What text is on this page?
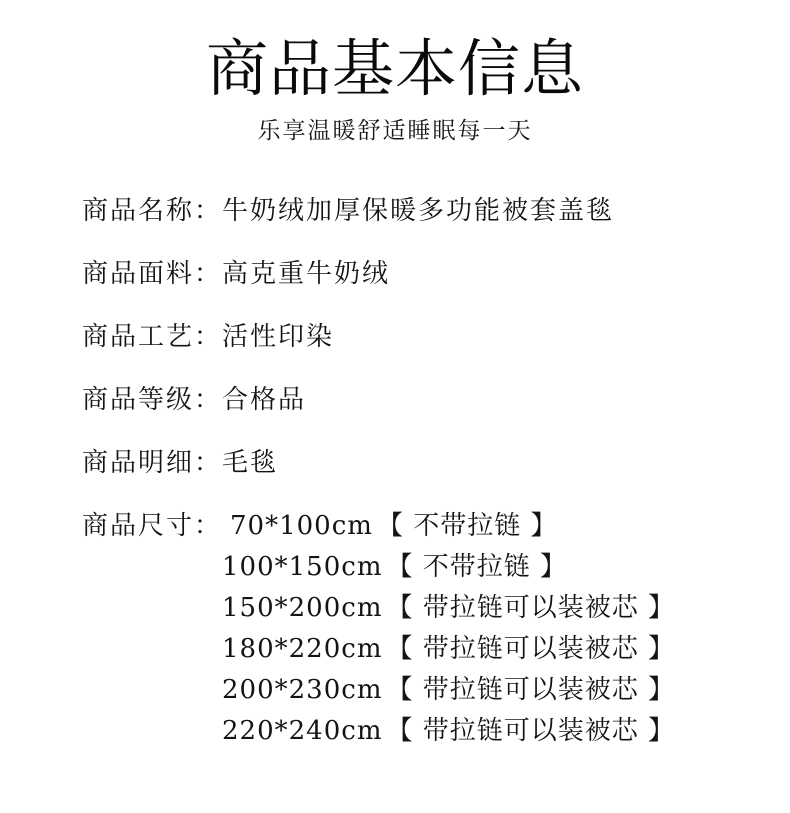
商品基本信息
乐享温暖舒适睡眠每一天
商品名称： 牛奶绒加厚保暖多功能被套盖毯
商品面料： 高克重牛奶绒
商品工艺： 活性印染
商品等级： 合格品
商品明细： 毛毯
商品尺寸： 70*100cm 【 不带拉链 】
100*150cm 【 不带拉链 】
150*200cm 【 带拉链可以装被芯 】
180*220cm 【 带拉链可以装被芯 】
200*230cm 【 带拉链可以装被芯 】
220*240cm 【 带拉链可以装被芯 】
